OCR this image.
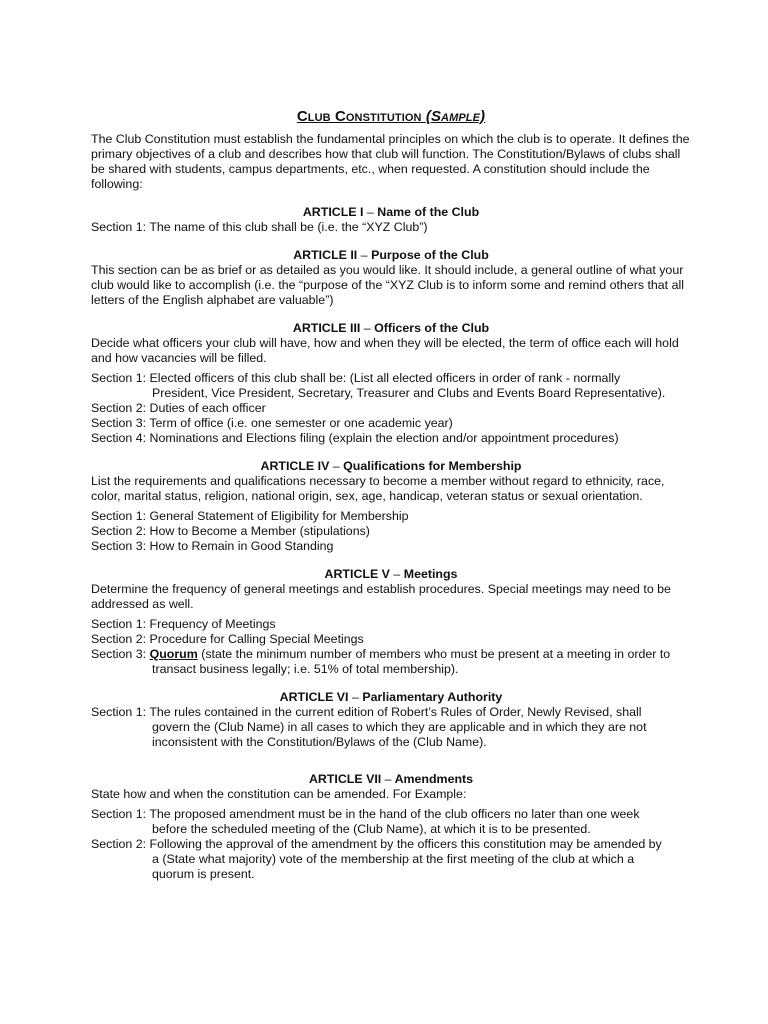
Club Constitution (Sample)

The Club Constitution must establish the fundamental principles on which the club is to operate. It defines the primary objectives of a club and describes how that club will function. The Constitution/Bylaws of clubs shall be shared with students, campus departments, etc., when requested. A constitution should include the following:

ARTICLE I – Name of the Club

Section 1: The name of this club shall be (i.e. the “XYZ Club”)

ARTICLE II – Purpose of the Club

This section can be as brief or as detailed as you would like. It should include, a general outline of what your club would like to accomplish (i.e. the “purpose of the “XYZ Club is to inform some and remind others that all letters of the English alphabet are valuable”)

ARTICLE III – Officers of the Club

Decide what officers your club will have, how and when they will be elected, the term of office each will hold and how vacancies will be filled.

Section 1: Elected officers of this club shall be: (List all elected officers in order of rank - normally

President, Vice President, Secretary, Treasurer and Clubs and Events Board Representative).

Section 2: Duties of each officer

Section 3: Term of office (i.e. one semester or one academic year)

Section 4: Nominations and Elections filing (explain the election and/or appointment procedures)

ARTICLE IV – Qualifications for Membership

List the requirements and qualifications necessary to become a member without regard to ethnicity, race, color, marital status, religion, national origin, sex, age, handicap, veteran status or sexual orientation.

Section 1: General Statement of Eligibility for Membership

Section 2: How to Become a Member (stipulations)

Section 3: How to Remain in Good Standing

ARTICLE V – Meetings

Determine the frequency of general meetings and establish procedures. Special meetings may need to be addressed as well.

Section 1: Frequency of Meetings

Section 2: Procedure for Calling Special Meetings

Section 3: Quorum (state the minimum number of members who must be present at a meeting in order to

transact business legally; i.e. 51% of total membership).

ARTICLE VI – Parliamentary Authority

Section 1: The rules contained in the current edition of Robert’s Rules of Order, Newly Revised, shall

govern the (Club Name) in all cases to which they are applicable and in which they are not

inconsistent with the Constitution/Bylaws of the (Club Name).

ARTICLE VII – Amendments

State how and when the constitution can be amended. For Example:

Section 1: The proposed amendment must be in the hand of the club officers no later than one week

before the scheduled meeting of the (Club Name), at which it is to be presented.

Section 2: Following the approval of the amendment by the officers this constitution may be amended by

a (State what majority) vote of the membership at the first meeting of the club at which a

quorum is present.
